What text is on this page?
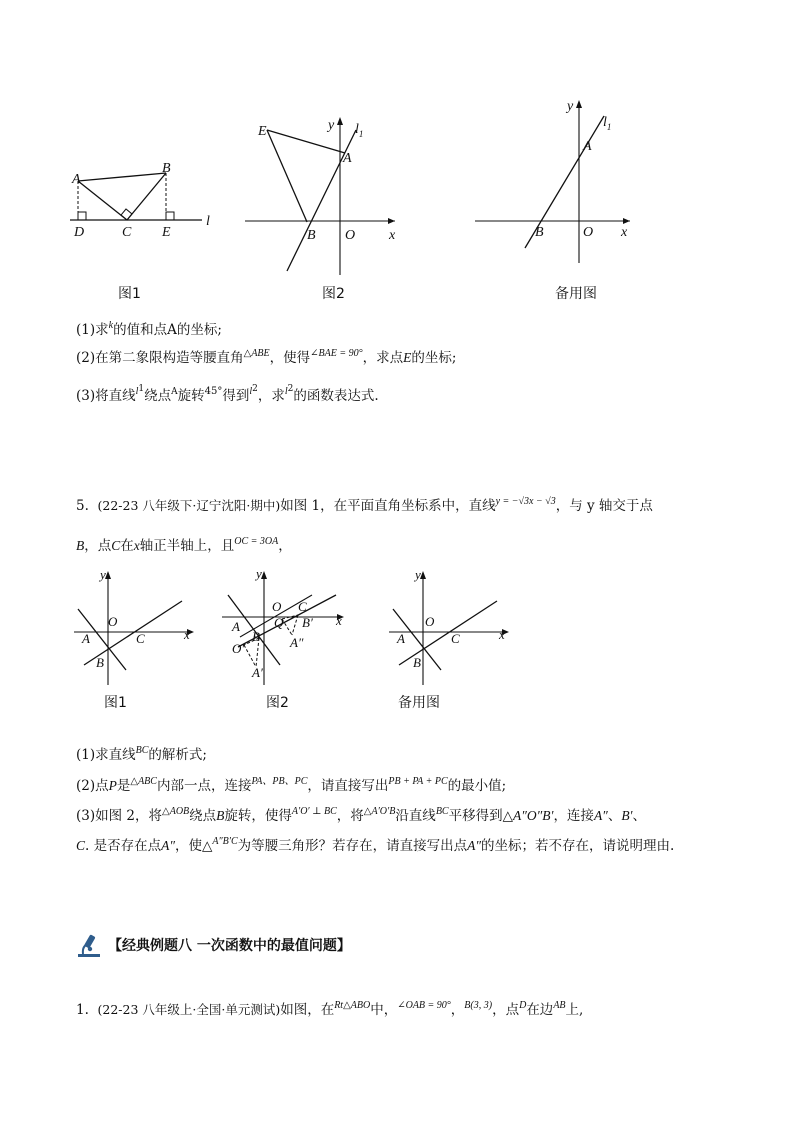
A
B
C
D	E
l
图1
E
A
B O x
y $l_1$
图2
A
B	O x
y
$l_1$
备用图
(1)求$^k$的值和点A的坐标;
(2)在第二象限构造等腰直角$^{\triangle ABE}$，使得$^{\angle BAE = 90^\circ}$，求点E的坐标;
(3)将直线$^{l1}$绕点$^A$旋转$^{45^\circ}$得到$^{l2}$，求$^{l2}$的函数表达式.
5. (22-23 八年级下·辽宁沈阳·期中)如图 1，在平面直角坐标系中，直线$^{y = -√3x - √3}$，与 y 轴交于点
B，点C在x轴正半轴上，且$^{OC = 3OA}$，
y
x
O
A
B
C
图1
y
x
O C
Q
A
B
O′
A′
B′
A″
图2
y
x
O
A
B
C
备用图
(1)求直线$^{BC}$的解析式;
(2)点P是$^{\triangle ABC}$内部一点，连接$^{PA、PB、PC}$，请直接写出$^{PB + PA + PC}$的最小值;
(3)如图 2，将$^{\triangle AOB}$绕点B旋转，使得$^{A'O' \perp BC}$，将$^{\triangle A'O'B}$沿直线$^{BC}$平移得到△A″O″B′，连接A″、B′、
C. 是否存在点A″，使△$^{A''B'C}$为等腰三角形？若存在，请直接写出点A″的坐标；若不存在，请说明理由.
【经典例题八 一次函数中的最值问题】
1. (22-23 八年级上·全国·单元测试)如图，在$^{Rt\triangle ABO}$中，$^{\angle OAB = 90^\circ}$，$^{B(3, 3)}$，点$^D$在边$^{AB}$上,
